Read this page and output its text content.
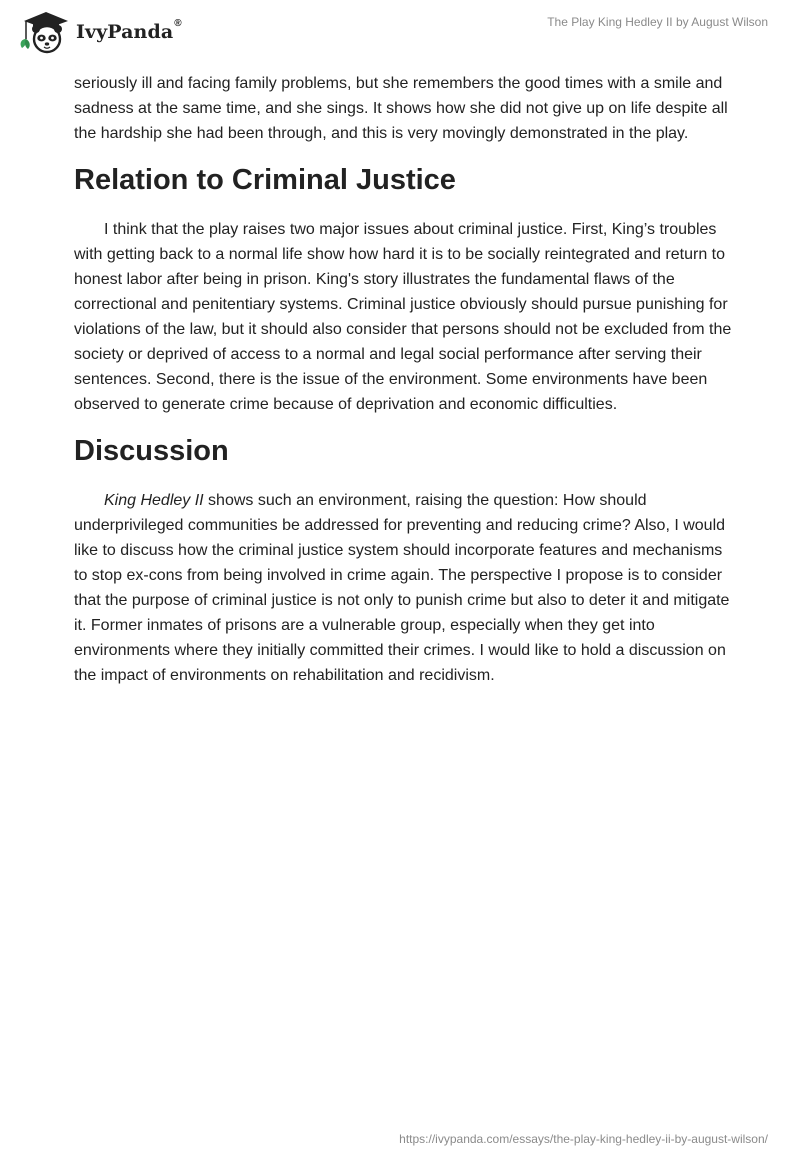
IvyPanda®	The Play King Hedley II by August Wilson

seriously ill and facing family problems, but she remembers the good times with a smile and sadness at the same time, and she sings. It shows how she did not give up on life despite all the hardship she had been through, and this is very movingly demonstrated in the play.

Relation to Criminal Justice

I think that the play raises two major issues about criminal justice. First, King’s troubles with getting back to a normal life show how hard it is to be socially reintegrated and return to honest labor after being in prison. King's story illustrates the fundamental flaws of the correctional and penitentiary systems. Criminal justice obviously should pursue punishing for violations of the law, but it should also consider that persons should not be excluded from the society or deprived of access to a normal and legal social performance after serving their sentences. Second, there is the issue of the environment. Some environments have been observed to generate crime because of deprivation and economic difficulties.

Discussion

King Hedley II shows such an environment, raising the question: How should underprivileged communities be addressed for preventing and reducing crime? Also, I would like to discuss how the criminal justice system should incorporate features and mechanisms to stop ex-cons from being involved in crime again. The perspective I propose is to consider that the purpose of criminal justice is not only to punish crime but also to deter it and mitigate it. Former inmates of prisons are a vulnerable group, especially when they get into environments where they initially committed their crimes. I would like to hold a discussion on the impact of environments on rehabilitation and recidivism.

https://ivypanda.com/essays/the-play-king-hedley-ii-by-august-wilson/
